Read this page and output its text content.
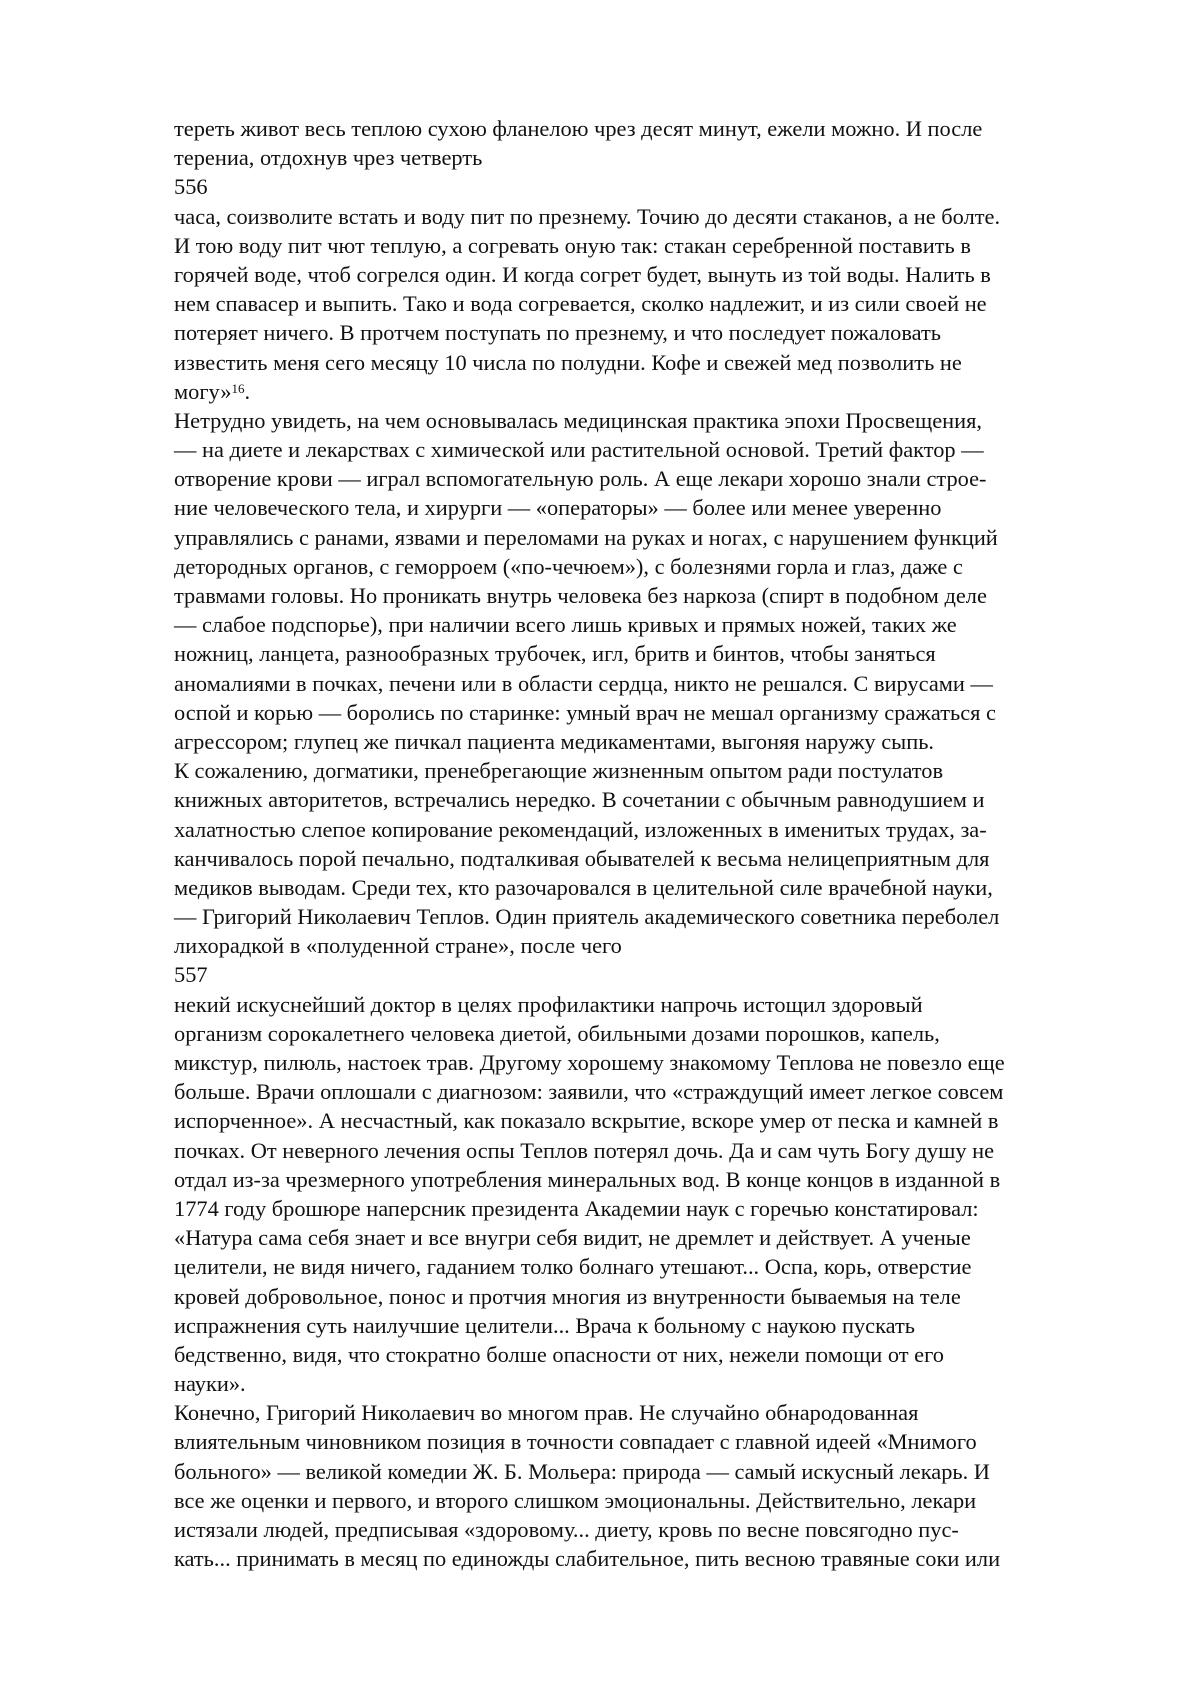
тереть живот весь теплою сухою фланелою чрез десят минут, ежели можно. И после
терениа, отдохнув чрез четверть
556
часа, соизволите встать и воду пит по презнему. Точию до десяти стаканов, а не болте.
И тою воду пит чют теплую, а согревать оную так: стакан серебренной поставить в
горячей воде, чтоб согрелся один. И когда согрет будет, вынуть из той воды. Налить в
нем спавасер и выпить. Тако и вода согревается, сколко надлежит, и из сили своей не
потеряет ничего. В протчем поступать по презнему, и что последует пожаловать
известить меня сего месяцу 10 числа по полудни. Кофе и свежей мед позволить не
могу»$^{16}$.
Нетрудно увидеть, на чем основывалась медицинская практика эпохи Просвещения,
— на диете и лекарствах с химической или растительной основой. Третий фактор —
отворение крови — играл вспомогательную роль. А еще лекари хорошо знали строе-
ние человеческого тела, и хирурги — «операторы» — более или менее уверенно
управлялись с ранами, язвами и переломами на руках и ногах, с нарушением функций
детородных органов, с геморроем («по-чечюем»), с болезнями горла и глаз, даже с
травмами головы. Но проникать внутрь человека без наркоза (спирт в подобном деле
— слабое подспорье), при наличии всего лишь кривых и прямых ножей, таких же
ножниц, ланцета, разнообразных трубочек, игл, бритв и бинтов, чтобы заняться
аномалиями в почках, печени или в области сердца, никто не решался. С вирусами —
оспой и корью — боролись по старинке: умный врач не мешал организму сражаться с
агрессором; глупец же пичкал пациента медикаментами, выгоняя наружу сыпь.
К сожалению, догматики, пренебрегающие жизненным опытом ради постулатов
книжных авторитетов, встречались нередко. В сочетании с обычным равнодушием и
халатностью слепое копирование рекомендаций, изложенных в именитых трудах, за-
канчивалось порой печально, подталкивая обывателей к весьма нелицеприятным для
медиков выводам. Среди тех, кто разочаровался в целительной силе врачебной науки,
— Григорий Николаевич Теплов. Один приятель академического советника переболел
лихорадкой в «полуденной стране», после чего
557
некий искуснейший доктор в целях профилактики напрочь истощил здоровый
организм сорокалетнего человека диетой, обильными дозами порошков, капель,
микстур, пилюль, настоек трав. Другому хорошему знакомому Теплова не повезло еще
больше. Врачи оплошали с диагнозом: заявили, что «страждущий имеет легкое совсем
испорченное». А несчастный, как показало вскрытие, вскоре умер от песка и камней в
почках. От неверного лечения оспы Теплов потерял дочь. Да и сам чуть Богу душу не
отдал из-за чрезмерного употребления минеральных вод. В конце концов в изданной в
1774 году брошюре наперсник президента Академии наук с горечью констатировал:
«Натура сама себя знает и все внугри себя видит, не дремлет и действует. А ученые
целители, не видя ничего, гаданием толко болнаго утешают... Оспа, корь, отверстие
кровей добровольное, понос и протчия многия из внутренности бываемыя на теле
испражнения суть наилучшие целители... Врача к больному с наукою пускать
бедственно, видя, что стократно болше опасности от них, нежели помощи от его
науки».
Конечно, Григорий Николаевич во многом прав. Не случайно обнародованная
влиятельным чиновником позиция в точности совпадает с главной идеей «Мнимого
больного» — великой комедии Ж. Б. Мольера: природа — самый искусный лекарь. И
все же оценки и первого, и второго слишком эмоциональны. Действительно, лекари
истязали людей, предписывая «здоровому... диету, кровь по весне повсягодно пус-
кать... принимать в месяц по единожды слабительное, пить весною травяные соки или
